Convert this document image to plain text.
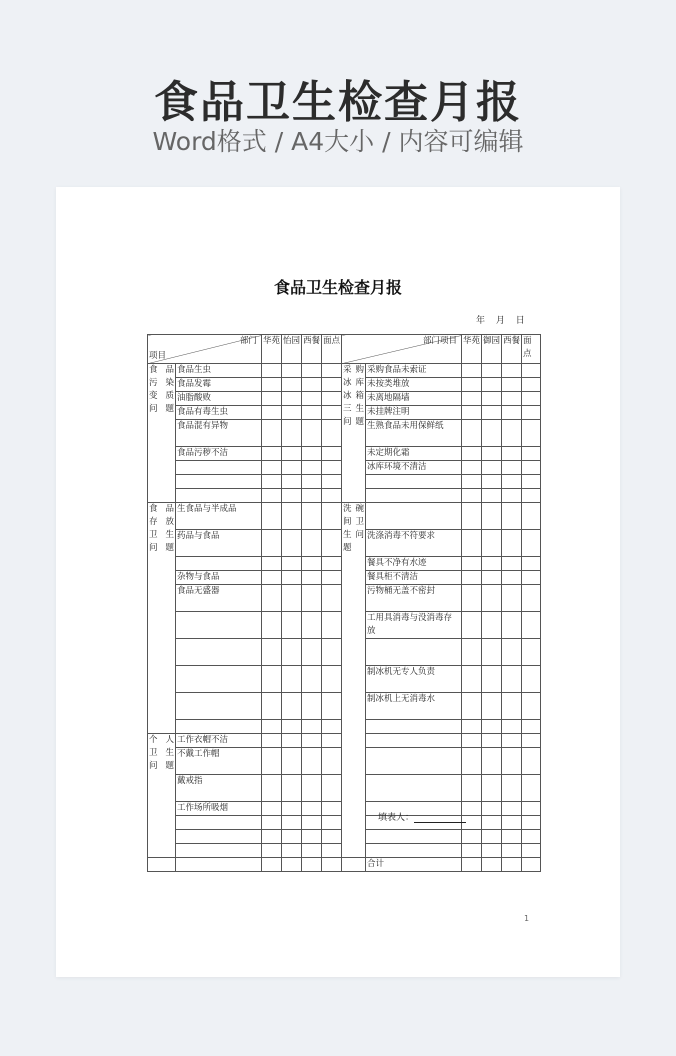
食品卫生检查月报
Word格式 / A4大小 / 内容可编辑
食品卫生检查月报
年 月 日
部门
项目		华苑	怡园	西餐	面点	部门项目		华苑	御园	西餐	面点
食品污染变质问题	食品生虫					采购冰库冰箱三生问题	采购食品未索证				
	食品发霉						未按类堆放				
	油脂酸败						未离地隔墙				
	食品有毒生虫						未挂牌注明				
	食品混有异物						生熟食品未用保鲜纸				
	食品污秽不洁						未定期化霜				
							冰库环境不清洁				

食品存放卫生问题	生食品与半成品					洗碗间卫生问题					
	药品与食品						洗涤消毒不符要求				
							餐具不净有水迹				
	杂物与食品						餐具柜不清洁				
	食品无盛器						污物桶无盖不密封				
							工用具消毒与没消毒存放				

							制冰机无专人负责				
							制冰机上无消毒水				

个人卫生问题	工作衣帽不洁										
	不戴工作帽										
	戴戒指										
	工作场所吸烟										

							合计				
填表人：
1
